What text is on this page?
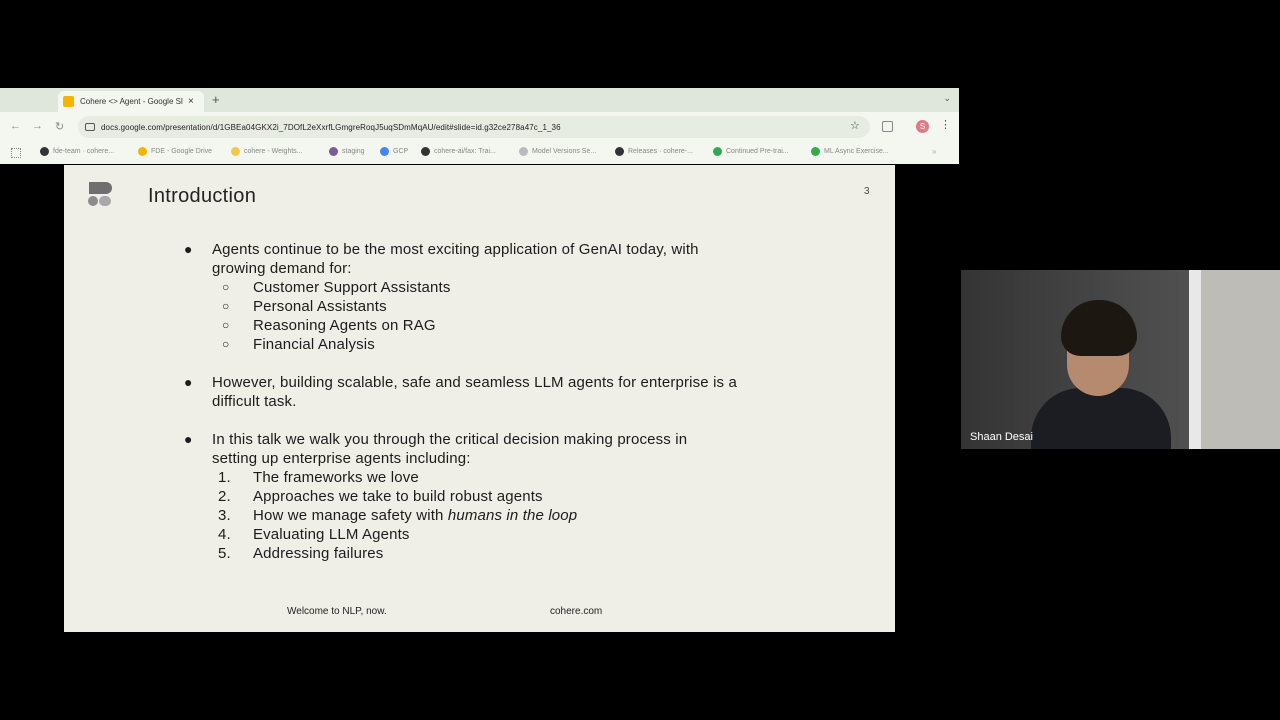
Cohere <> Agent - Google Sl × +	⌄
← → ↻	docs.google.com/presentation/d/1GBEa04GKX2i_7DOfL2eXxrfLGmgreRoqJ5uqSDmMqAU/edit#slide=id.g32ce278a47c_1_36	☆	S	⋮
fde-team · cohere...	FDE - Google Drive	cohere - Weights...	staging	GCP	cohere-ai/fax: Trai...	Model Versions Se...	Releases · cohere-...	Continued Pre-trai...	ML Async Exercise...	»
Introduction	3
● Agents continue to be the most exciting application of GenAI today, with
growing demand for:
○ Customer Support Assistants
○ Personal Assistants
○ Reasoning Agents on RAG
○ Financial Analysis
● However, building scalable, safe and seamless LLM agents for enterprise is a
difficult task.
● In this talk we walk you through the critical decision making process in
setting up enterprise agents including:
1.	The frameworks we love
2.	Approaches we take to build robust agents
3.	How we manage safety with humans in the loop
4.	Evaluating LLM Agents
5.	Addressing failures
Welcome to NLP, now.	cohere.com
Shaan Desai
